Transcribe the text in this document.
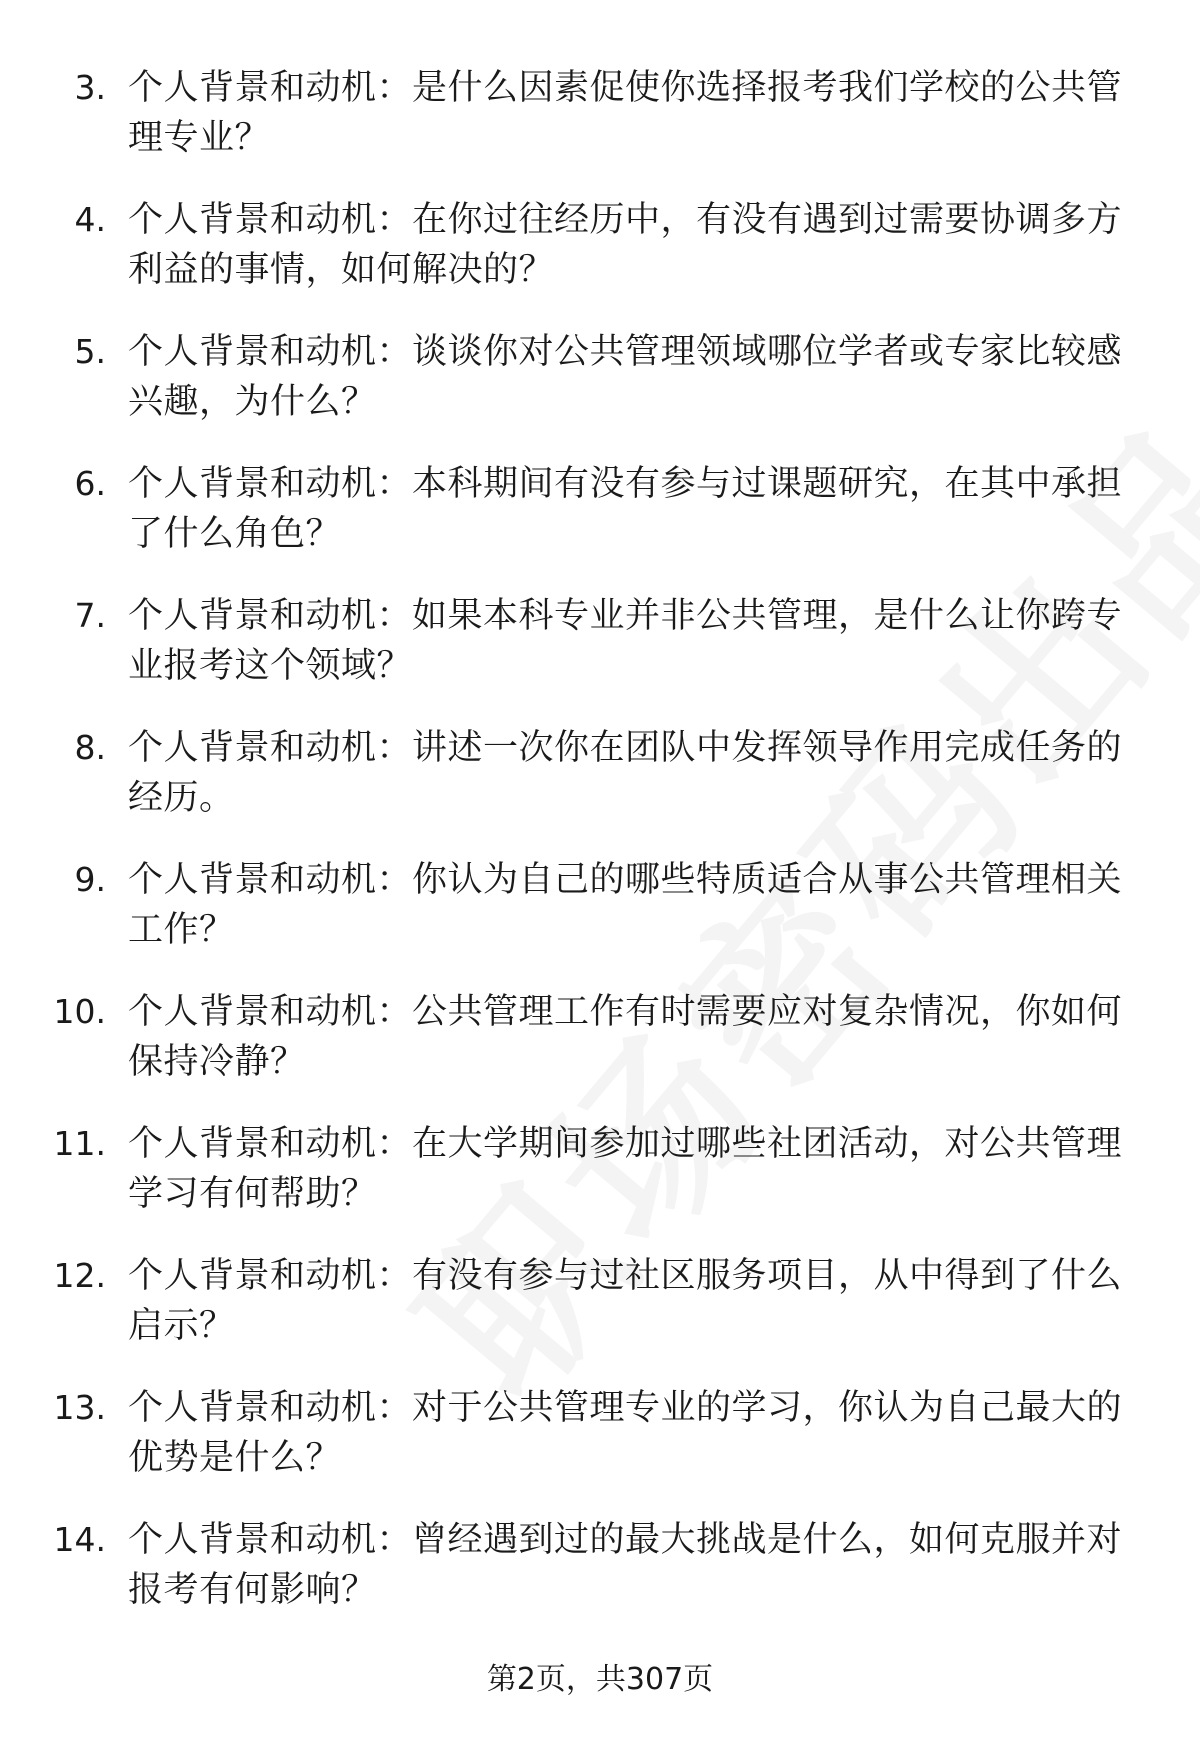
3. 个人背景和动机：是什么因素促使你选择报考我们学校的公共管理专业？
4. 个人背景和动机：在你过往经历中，有没有遇到过需要协调多方利益的事情，如何解决的？
5. 个人背景和动机：谈谈你对公共管理领域哪位学者或专家比较感兴趣，为什么？
6. 个人背景和动机：本科期间有没有参与过课题研究，在其中承担了什么角色？
7. 个人背景和动机：如果本科专业并非公共管理，是什么让你跨专业报考这个领域？
8. 个人背景和动机：讲述一次你在团队中发挥领导作用完成任务的经历。
9. 个人背景和动机：你认为自己的哪些特质适合从事公共管理相关工作？
10. 个人背景和动机：公共管理工作有时需要应对复杂情况，你如何保持冷静？
11. 个人背景和动机：在大学期间参加过哪些社团活动，对公共管理学习有何帮助？
12. 个人背景和动机：有没有参与过社区服务项目，从中得到了什么启示？
13. 个人背景和动机：对于公共管理专业的学习，你认为自己最大的优势是什么？
14. 个人背景和动机：曾经遇到过的最大挑战是什么，如何克服并对报考有何影响？
第2页，共307页
